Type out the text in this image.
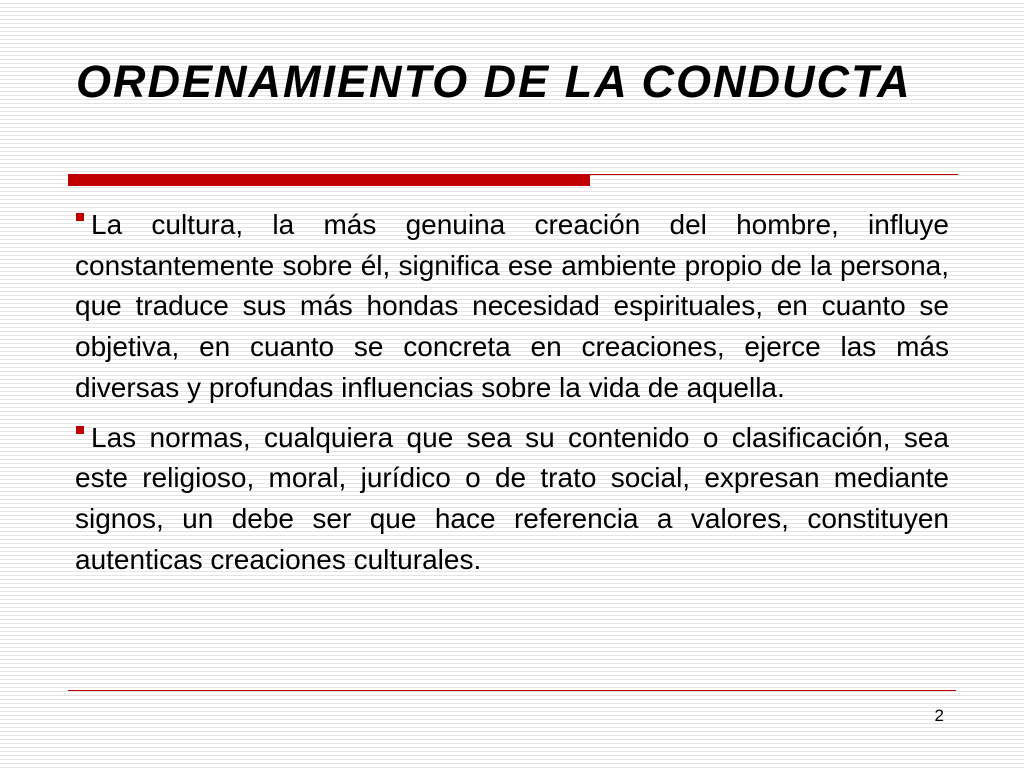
ORDENAMIENTO DE LA CONDUCTA

La cultura, la más genuina creación del hombre, influye constantemente sobre él, significa ese ambiente propio de la persona, que traduce sus más hondas necesidad espirituales, en cuanto se objetiva, en cuanto se concreta en creaciones, ejerce las más diversas y profundas influencias sobre la vida de aquella.

Las normas, cualquiera que sea su contenido o clasificación, sea este religioso, moral, jurídico o de trato social, expresan mediante signos, un debe ser que hace referencia a valores, constituyen autenticas creaciones culturales.

2
